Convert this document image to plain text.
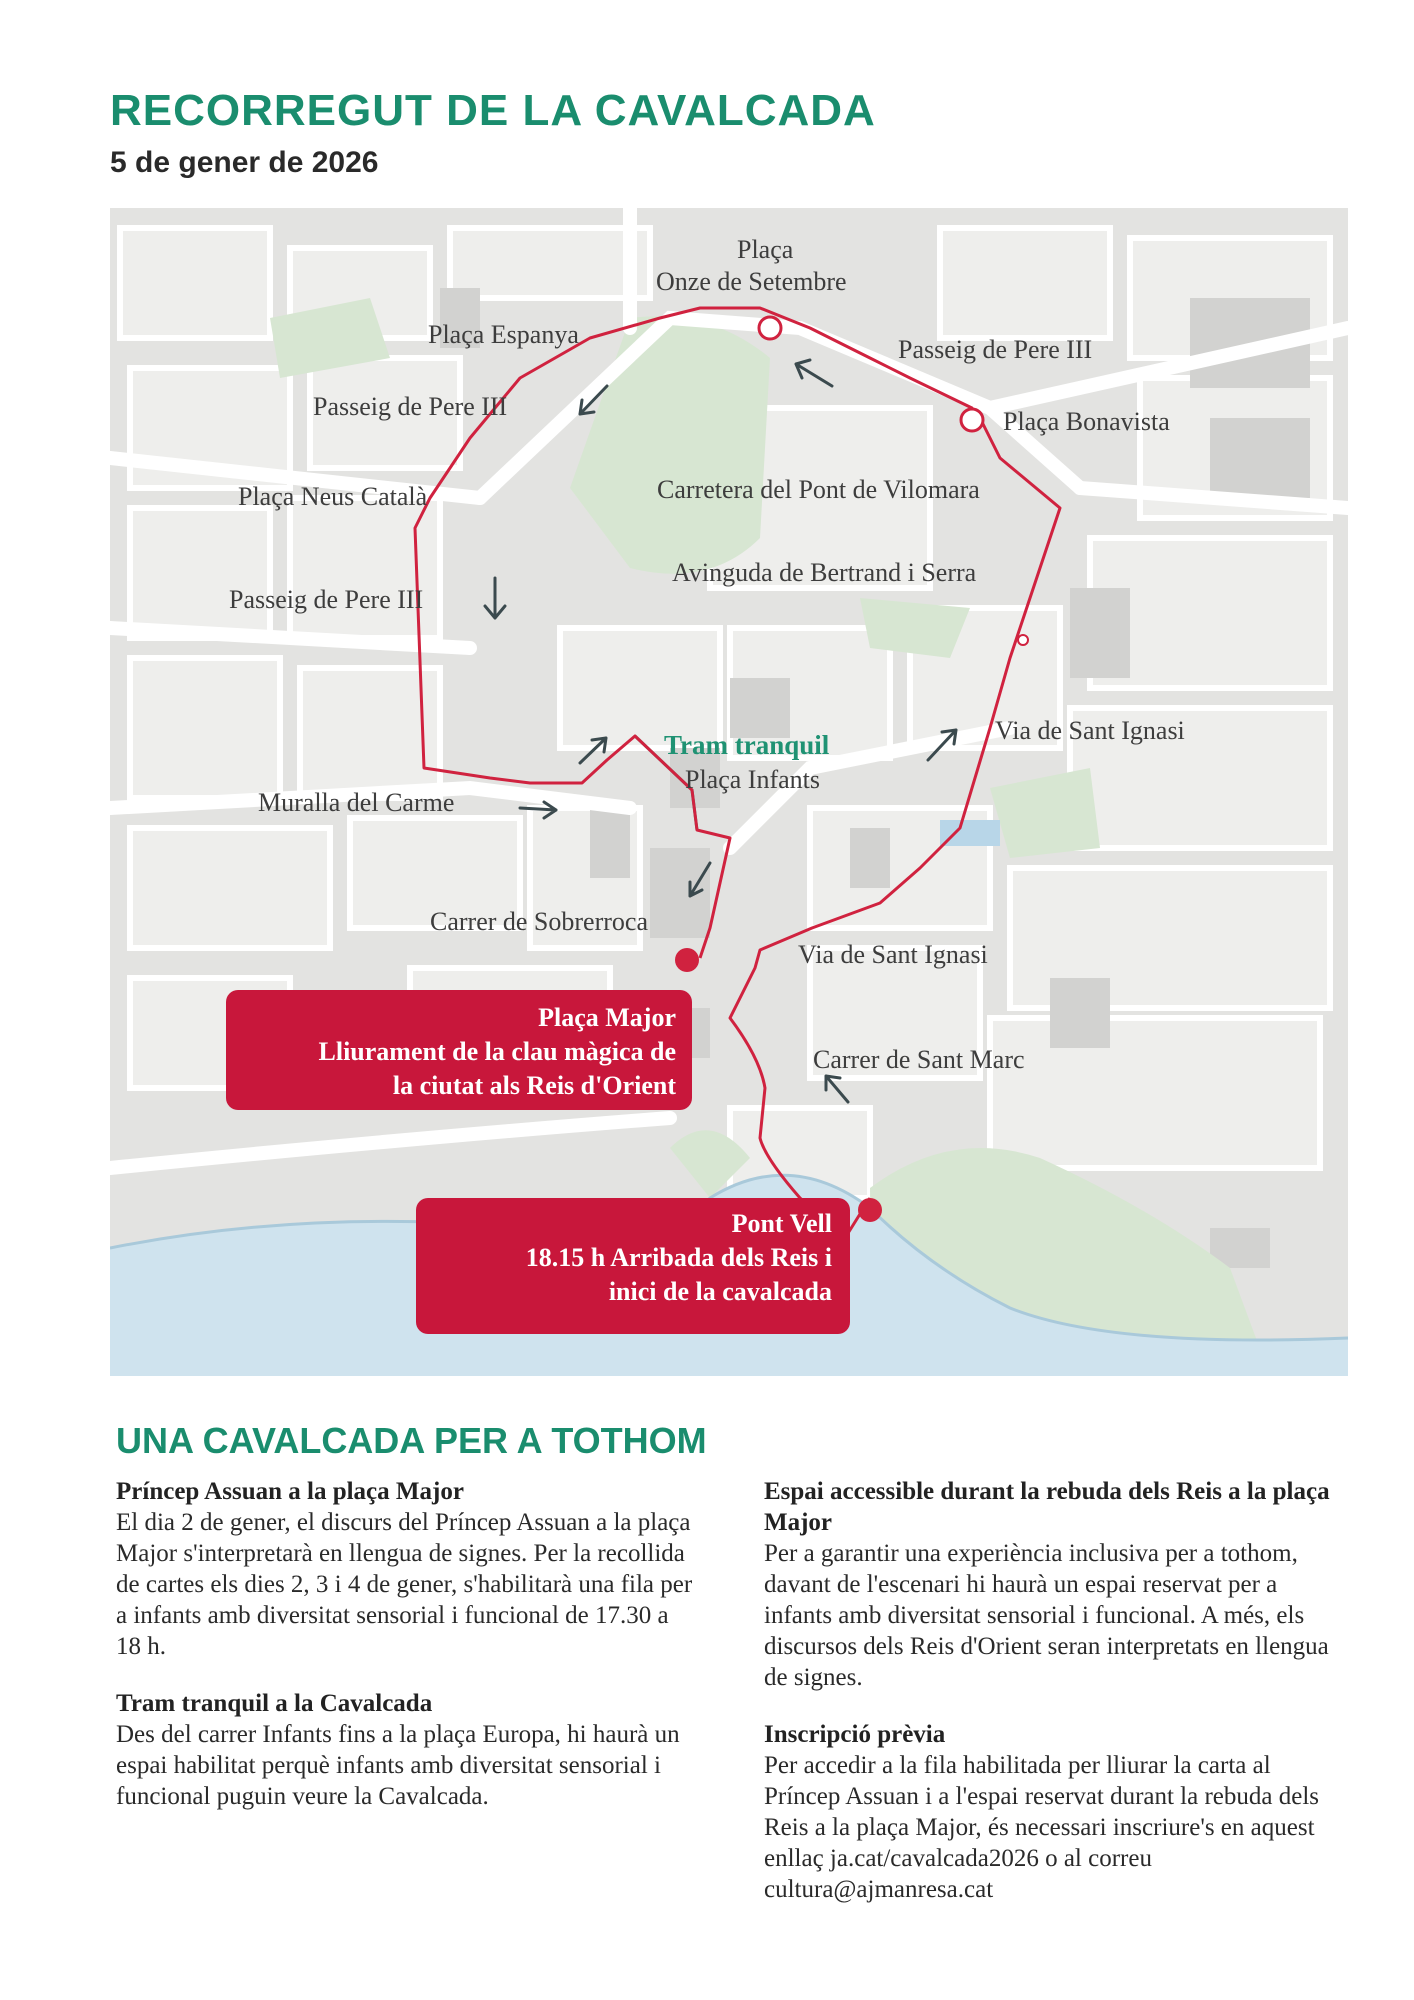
RECORREGUT DE LA CAVALCADA
5 de gener de 2026
Plaça
Onze de Setembre
Plaça Espanya
Passeig de Pere III
Passeig de Pere III
Plaça Bonavista
Plaça Neus Català	Carretera del Pont de Vilomara
Avinguda de Bertrand i Serra
Passeig de Pere III
Via de Sant Ignasi
Tram tranquil
Plaça Infants
Muralla del Carme
Carrer de Sobrerroca
Via de Sant Ignasi
Carrer de Sant Marc
Plaça Major
Lliurament de la clau màgica de
la ciutat als Reis d'Orient
Pont Vell
18.15 h Arribada dels Reis i
inici de la cavalcada
UNA CAVALCADA PER A TOTHOM
Príncep Assuan a la plaça Major

El dia 2 de gener, el discurs del Príncep Assuan a la plaça Major s'interpretarà en llengua de signes. Per la recollida de cartes els dies 2, 3 i 4 de gener, s'habilitarà una fila per a infants amb diversitat sensorial i funcional de 17.30 a 18 h.

Tram tranquil a la Cavalcada

Des del carrer Infants fins a la plaça Europa, hi haurà un espai habilitat perquè infants amb diversitat sensorial i funcional puguin veure la Cavalcada.

Espai accessible durant la rebuda dels Reis a la plaça Major

Per a garantir una experiència inclusiva per a tothom, davant de l'escenari hi haurà un espai reservat per a infants amb diversitat sensorial i funcional. A més, els discursos dels Reis d'Orient seran interpretats en llengua de signes.

Inscripció prèvia

Per accedir a la fila habilitada per lliurar la carta al Príncep Assuan i a l'espai reservat durant la rebuda dels Reis a la plaça Major, és necessari inscriure's en aquest enllaç ja.cat/cavalcada2026 o al correu cultura@ajmanresa.cat
